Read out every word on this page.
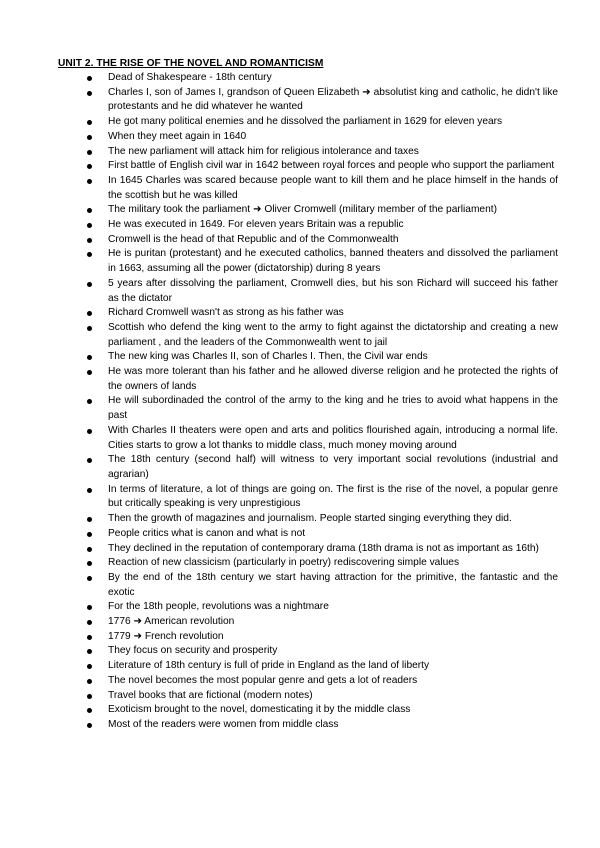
UNIT 2. THE RISE OF THE NOVEL AND ROMANTICISM
Dead of Shakespeare - 18th century
Charles I, son of James I, grandson of Queen Elizabeth ➜ absolutist king and catholic, he didn't like protestants and he did whatever he wanted
He got many political enemies and he dissolved the parliament in 1629 for eleven years
When they meet again in 1640
The new parliament will attack him for religious intolerance and taxes
First battle of English civil war in 1642 between royal forces and people who support the parliament
In 1645 Charles was scared because people want to kill them and he place himself in the hands of the scottish but he was killed
The military took the parliament ➜ Oliver Cromwell (military member of the parliament)
He was executed in 1649. For eleven years Britain was a republic
Cromwell is the head of that Republic and of the Commonwealth
He is puritan (protestant) and he executed catholics, banned theaters and dissolved the parliament in 1663, assuming all the power (dictatorship) during 8 years
5 years after dissolving the parliament, Cromwell dies, but his son Richard will succeed his father as the dictator
Richard Cromwell wasn't as strong as his father was
Scottish who defend the king went to the army to fight against the dictatorship and creating a new parliament , and the leaders of the Commonwealth went to jail
The new king was Charles II, son of Charles I. Then, the Civil war ends
He was more tolerant than his father and he allowed diverse religion and he protected the rights of the owners of lands
He will subordinaded the control of the army to the king and he tries to avoid what happens in the past
With Charles II theaters were open and arts and politics flourished again, introducing a normal life. Cities starts to grow a lot thanks to middle class, much money moving around
The 18th century (second half) will witness to very important social revolutions (industrial and agrarian)
In terms of literature, a lot of things are going on. The first is the rise of the novel, a popular genre but critically speaking is very unprestigious
Then the growth of magazines and journalism. People started singing everything they did.
People critics what is canon and what is not
They declined in the reputation of contemporary drama (18th drama is not as important as 16th)
Reaction of new classicism (particularly in poetry) rediscovering simple values
By the end of the 18th century we start having attraction for the primitive, the fantastic and the exotic
For the 18th people, revolutions was a nightmare
1776 ➜ American revolution
1779 ➜ French revolution
They focus on security and prosperity
Literature of 18th century is full of pride in England as the land of liberty
The novel becomes the most popular genre and gets a lot of readers
Travel books that are fictional (modern notes)
Exoticism brought to the novel, domesticating it by the middle class
Most of the readers were women from middle class
